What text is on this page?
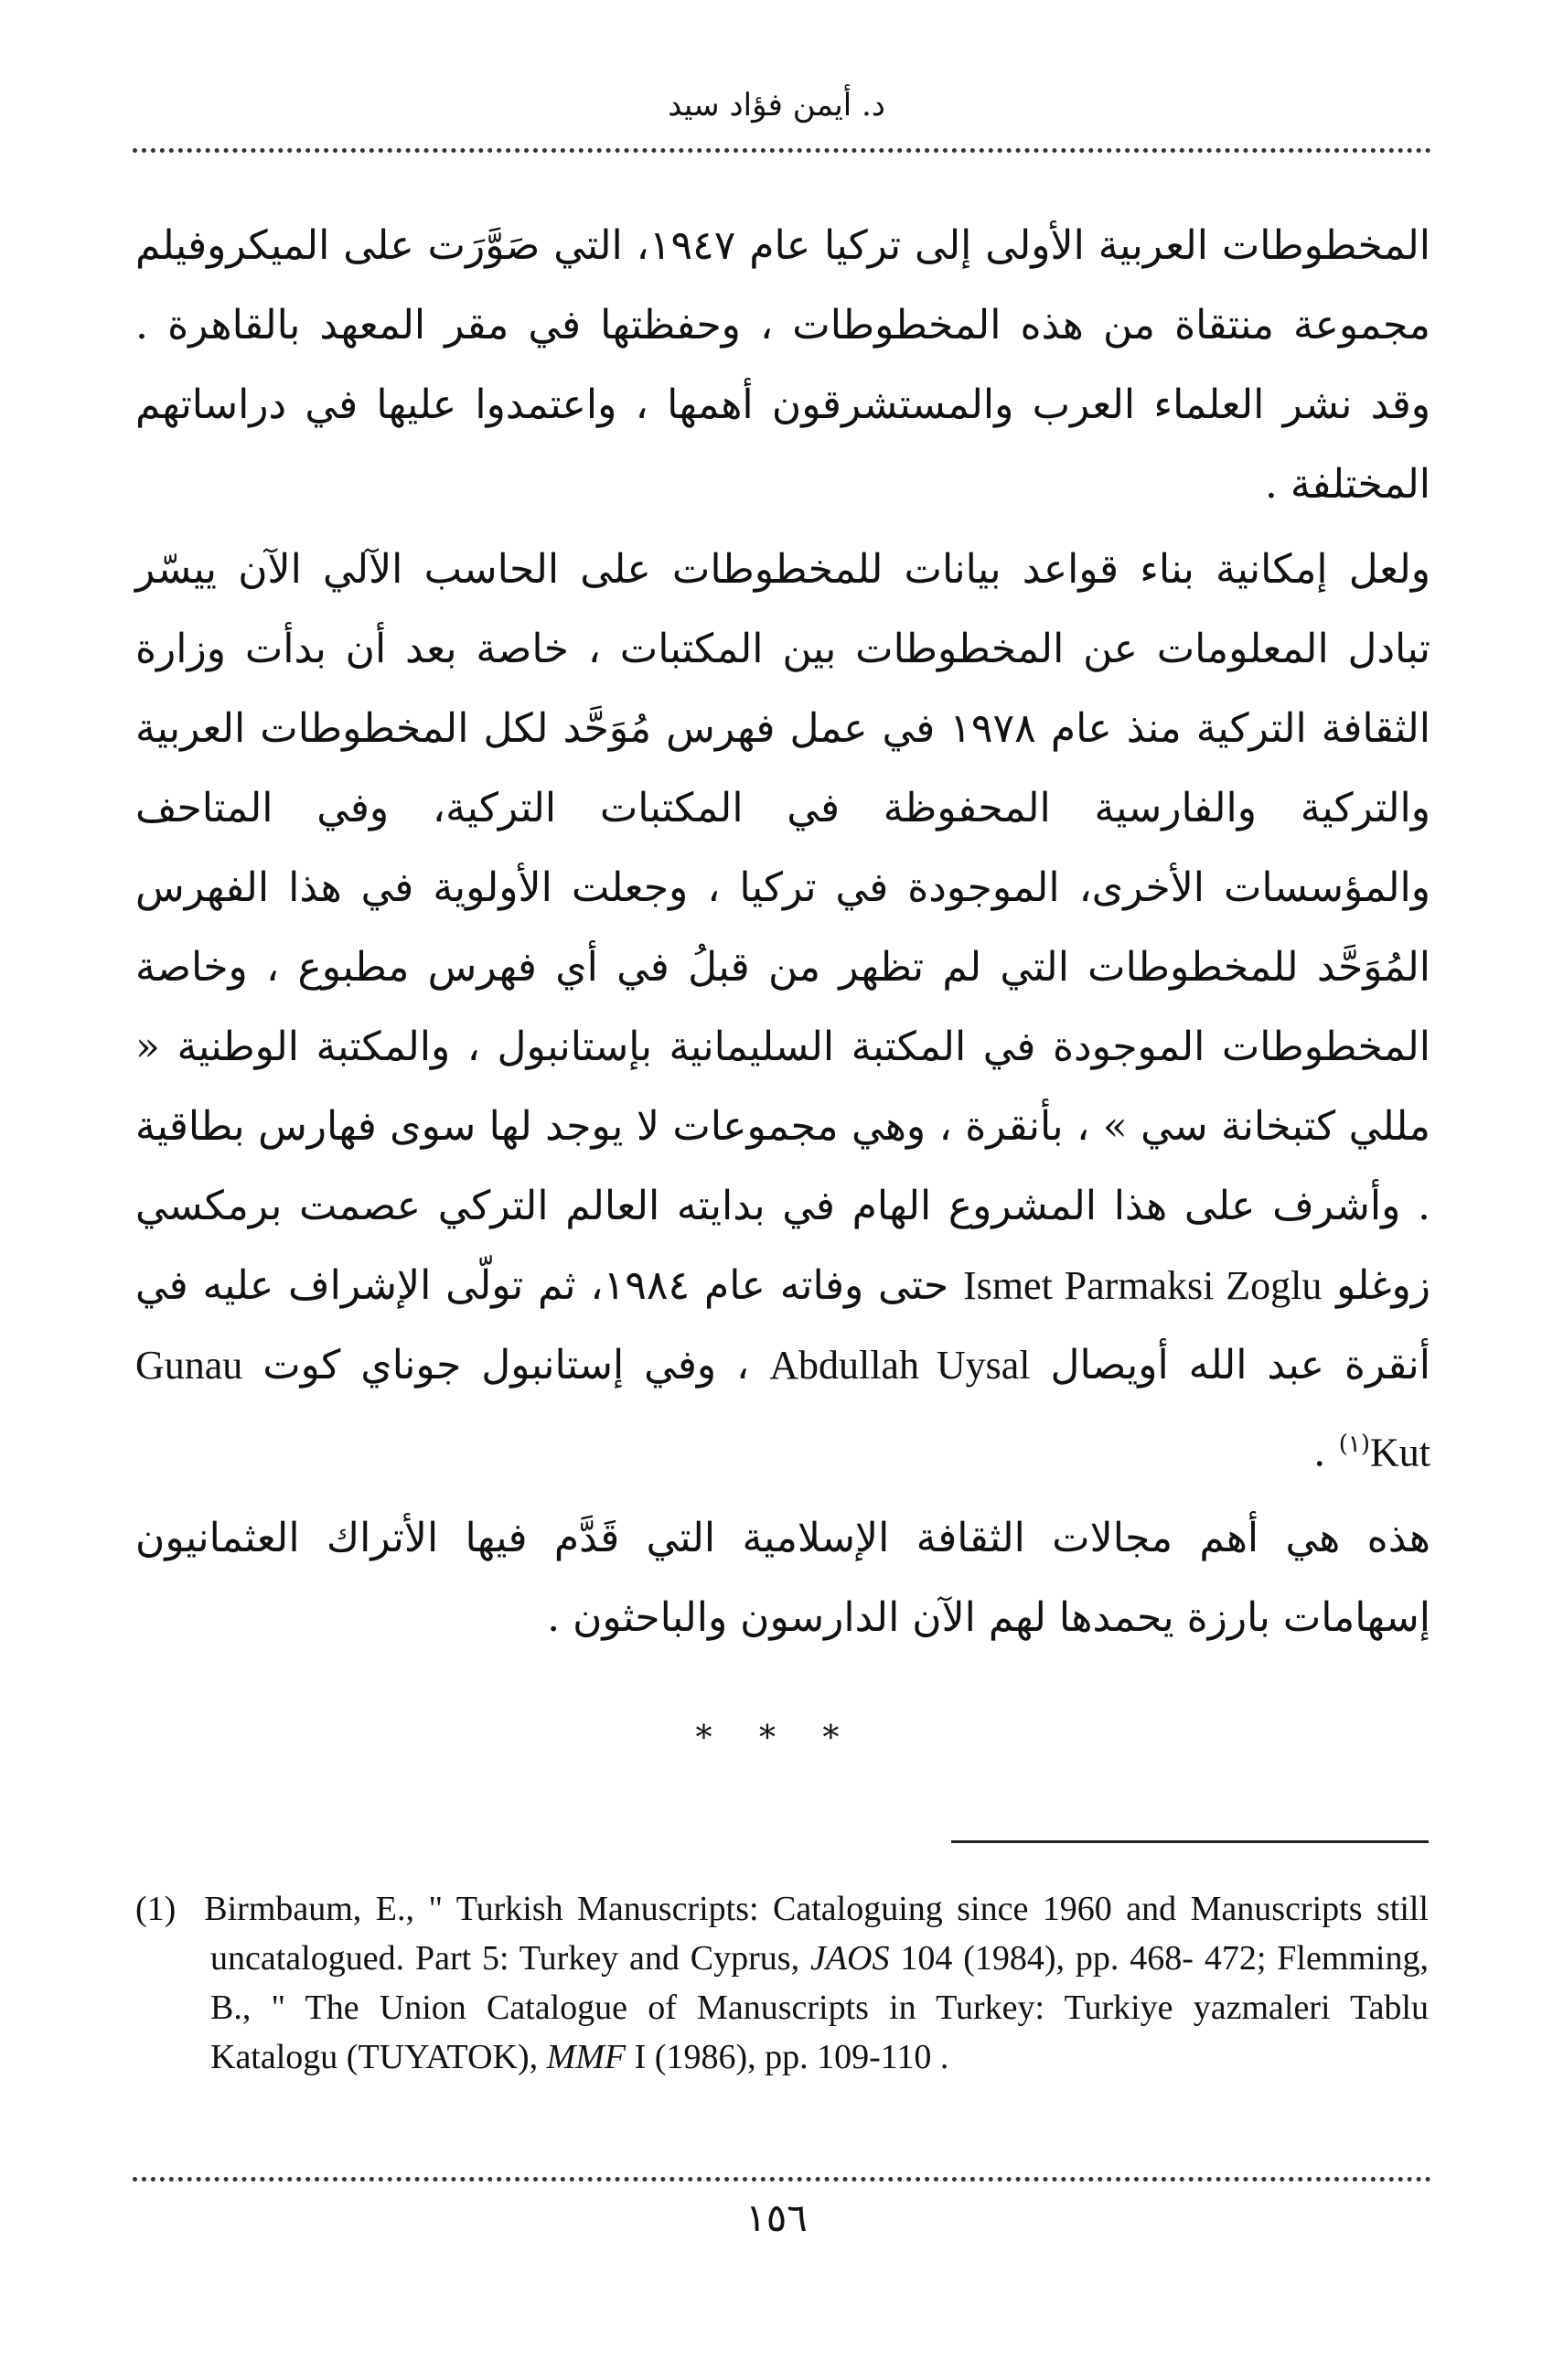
د. أيمن فؤاد سيد

المخطوطات العربية الأولى إلى تركيا عام ١٩٤٧، التي صَوَّرَت على الميكروفيلم مجموعة منتقاة من هذه المخطوطات ، وحفظتها في مقر المعهد بالقاهرة . وقد نشر العلماء العرب والمستشرقون أهمها ، واعتمدوا عليها في دراساتهم المختلفة .

ولعل إمكانية بناء قواعد بيانات للمخطوطات على الحاسب الآلي الآن ييسّر تبادل المعلومات عن المخطوطات بين المكتبات ، خاصة بعد أن بدأت وزارة الثقافة التركية منذ عام ١٩٧٨ في عمل فهرس مُوَحَّد لكل المخطوطات العربية والتركية والفارسية المحفوظة في المكتبات التركية، وفي المتاحف والمؤسسات الأخرى، الموجودة في تركيا ، وجعلت الأولوية في هذا الفهرس المُوَحَّد للمخطوطات التي لم تظهر من قبلُ في أي فهرس مطبوع ، وخاصة المخطوطات الموجودة في المكتبة السليمانية بإستانبول ، والمكتبة الوطنية « مللي كتبخانة سي » ، بأنقرة ، وهي مجموعات لا يوجد لها سوى فهارس بطاقية . وأشرف على هذا المشروع الهام في بدايته العالم التركي عصمت برمكسي زوغلو Ismet Parmaksi Zoglu حتى وفاته عام ١٩٨٤، ثم تولّى الإشراف عليه في أنقرة عبد الله أويصال Abdullah Uysal ، وفي إستانبول جوناي كوت Gunau Kut$^{(١)}$ .

هذه هي أهم مجالات الثقافة الإسلامية التي قَدَّم فيها الأتراك العثمانيون إسهامات بارزة يحمدها لهم الآن الدارسون والباحثون .

* * *
(1) Birmbaum, E., " Turkish Manuscripts: Cataloguing since 1960 and Manuscripts still uncatalogued. Part 5: Turkey and Cyprus, JAOS 104 (1984), pp. 468- 472; Flemming, B., " The Union Catalogue of Manuscripts in Turkey: Turkiye yazmaleri Tablu Katalogu (TUYATOK), MMF I (1986), pp. 109-110 .
١٥٦
